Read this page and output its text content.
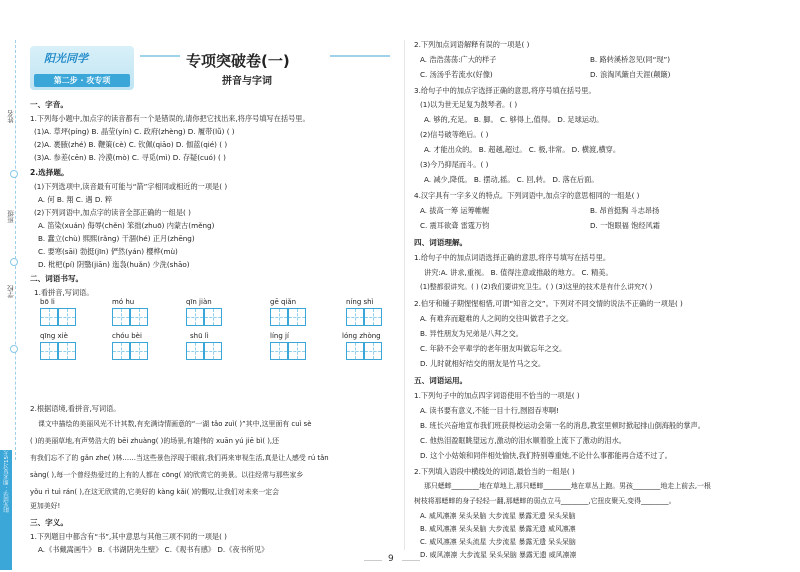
姓名
班级
学校
阳光同学 · 期末复习15天冲刺100分 · 语文 RJ 六年级(上)
阳光同学
第二步 · 攻专项
专项突破卷(一)
拼音与字词
一、字音。
1.下列每小题中,加点字的读音都有一个是错误的,请你把它找出来,将序号填写在括号里。
(1)A. 草坪(píng) B. 晶莹(yín) C. 政府(zhèng) D. 履带(lǚ) ( )
(2)A. 裹腋(zhé) B. 鞭策(cè) C. 钦佩(qiāo) D. 伽蓝(qié) ( )
(3)A. 参差(cēn) B. 冷漠(mò) C. 寻觅(mì) D. 存疑(cuó) ( )
2.选择题。
(1)下列选项中,读音最有可能与“箭”字相同或相近的一项是( )
A. 何 B. 翔 C. 遇 D. 粹
(2)下列词语中,加点字的读音全部正确的一组是( )
A. 笛染(xuán) 侮辱(chěn) 笨拙(zhuō) 内蒙古(měng)
B. 蠢立(chù) 熙熙(rǎng) 干涸(hé) 正月(zhēng)
C. 要寒(sāi) 勃挺(jīn) 俨然(yán) 樱桦(mù)
D. 枇杷(pí) 阴翳(jiān) 迤袅(huǎn) 少洗(shāo)
二、词语书写。
1.看拼音,写词语。
bō li	mó hu	qīn jiàn	gē qiǎn	níng shì
qīng xiè	chóu bèi	shū lì	líng jí	lóng zhòng
2.根据语境,看拼音,写词语。
课文中描绘的美丽风光不计其数,有充满诗情画意的“一湖 tǎo zuì( )”其中,这里面有 cuì sè
( )的美丽草地,有声势浩大的 bēi zhuàng( )的场景,有雄伟的 xuān yú jiē bì( ),还
有我们忘不了的 gǎn zhe( )林……当这些景色浮现于眼前,我们再来审视生活,真是让人感受 rú tǎn
sàng( ),每一个曾经热爱过的上有的人都在 cōng( )的欣赏它的美景。以往经常与那些家乡
yǒu rì tuì rán( ),在这无欣赏的,它美好的 kàng kǎi( )的慨叹,让我们对未来一定会
更加美好!
三、字义。
1.下列题目中都含有“书”,其中意思与其他三项不同的一项是( )
A.《书戴嵩画牛》 B.《书湖阴先生壁》 C.《观书有感》 D.《夜书所见》
2.下列加点词语解释有误的一项是( )
A. 浩浩荡荡:广大的样子	B. 路转溪桥忽见(同“现”)
C. 汤汤乎若流水(好像)	D. 浪淘风簸自天涯(颠簸)
3.给句子中的加点字选择正确的意思,将序号填在括号里。
(1)以为世无足复为鼓琴者。( )
A. 够的,充足。 B. 脚。 C. 够得上,值得。 D. 足球运动。
(2)信号破等绝后。( )
A. 才能出众的。 B. 超越,超过。 C. 极,非常。 D. 横渡,横穿。
(3)今乃抑尾而斗。( )
A. 减少,降低。 B. 摆动,摇。 C. 回,转。 D. 落在后面。
4.汉字具有一字多义的特点。下列词语中,加点字的意思相同的一组是( )
A. 拔高一筹 运筹帷幄	B. 昂首挺胸 斗志昂扬
C. 震耳欲聋 雷霆万钧	D. 一饱眼福 饱经风霜
四、词语理解。
1.给句子中的加点词语选择正确的意思,将序号填写在括号里。
讲究:A. 讲求,重视。 B. 值得注意或推敲的地方。 C. 精美。
(1)整都很讲究。( ) (2)我们要讲究卫生。( ) (3)这里的技术是有什么讲究?( )
2.伯牙和锺子期惺惺相惜,可谓“知音之交”。下列对不同交情的说法不正确的一项是( )
A. 有难弃而避难的人之间的交往叫做君子之交。
B. 异性朋友为兄弟是八拜之交。
C. 年龄不会平辈学的老年朋友叫做忘年之交。
D. 儿时就相好结交的朋友是竹马之交。
五、词语运用。
1.下列句子中的加点四字词语使用不恰当的一项是( )
A. 读书要有意义,不能一目十行,囫囵吞枣啊!
B. 班长兴奋地宣布我们班获得校运动会第一名的消息,教室里顿时掀起排山倒海般的掌声。
C. 他热泪盈眶眺望远方,激动的泪水顺着脸上流下了激动的泪水。
D. 这个小姑娘和同伴相处愉快,我们特别尊重她,不论什么事都能再合适不过了。
2.下列填入语段中横线处的词语,最恰当的一组是( )
那只蟋蟀________地在草地上,那只蟋蟀________地在草丛上跑。男孩________地走上前去,一根
树枝将那蟋蟀的身子轻轻一翻,那蟋蟀的弱点立马________,它扭皮聚天,变得________。
A. 威风凛凛 呆头呆脑 大步流星 暴露无遗 呆头呆脑
B. 威风凛凛 呆头呆脑 大步流星 暴露无遗 威风凛凛
C. 威风凛凛 呆头流星 大步流星 暴露无遗 呆头呆脑
D. 威风凛凛 大步流星 呆头呆脑 暴露无遗 威风凛凛
9
